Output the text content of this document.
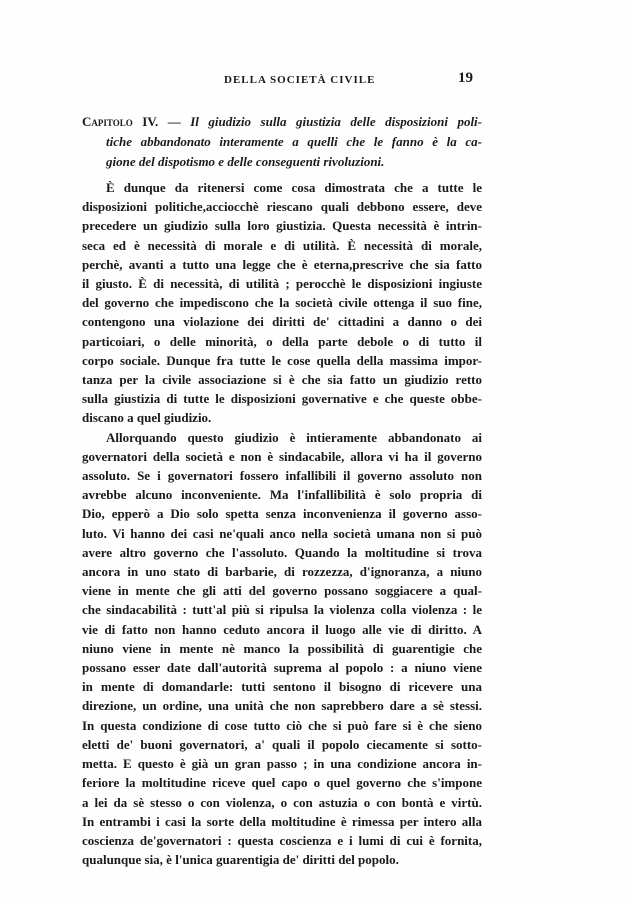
DELLA SOCIETÀ CIVILE	19
Capitolo IV. — Il giudizio sulla giustizia delle disposizioni poli-
tiche abbandonato interamente a quelli che le fanno è la ca-
gione del dispotismo e delle conseguenti rivoluzioni.
È dunque da ritenersi come cosa dimostrata che a tutte le
disposizioni politiche,acciocchè riescano quali debbono essere, deve
precedere un giudizio sulla loro giustizia. Questa necessità è intrin-
seca ed è necessità di morale e di utilità. È necessità di morale,
perchè, avanti a tutto una legge che è eterna,prescrive che sia fatto
il giusto. È di necessità, di utilità ; perocchè le disposizioni ingiuste
del governo che impediscono che la società civile ottenga il suo fine,
contengono una violazione dei diritti de' cittadini a danno o dei
particoiari, o delle minorità, o della parte debole o di tutto il
corpo sociale. Dunque fra tutte le cose quella della massima impor-
tanza per la civile associazione si è che sia fatto un giudizio retto
sulla giustizia di tutte le disposizioni governative e che queste obbe-
discano a quel giudizio.
Allorquando questo giudizio è intieramente abbandonato ai
governatori della società e non è sindacabile, allora vi ha il governo
assoluto. Se i governatori fossero infallibili il governo assoluto non
avrebbe alcuno inconveniente. Ma l'infallibilità è solo propria di
Dio, epperò a Dio solo spetta senza inconvenienza il governo asso-
luto. Vi hanno dei casi ne'quali anco nella società umana non si può
avere altro governo che l'assoluto. Quando la moltitudine si trova
ancora in uno stato di barbarie, di rozzezza, d'ignoranza, a niuno
viene in mente che gli atti del governo possano soggiacere a qual-
che sindacabilità : tutt'al più si ripulsa la violenza colla violenza : le
vie di fatto non hanno ceduto ancora il luogo alle vie di diritto. A
niuno viene in mente nè manco la possibilità di guarentigie che
possano esser date dall'autorità suprema al popolo : a niuno viene
in mente di domandarle: tutti sentono il bisogno di ricevere una
direzione, un ordine, una unità che non saprebbero dare a sè stessi.
In questa condizione di cose tutto ciò che si può fare si è che sieno
eletti de' buoni governatori, a' quali il popolo ciecamente si sotto-
metta. E questo è già un gran passo ; in una condizione ancora in-
feriore la moltitudine riceve quel capo o quel governo che s'impone
a lei da sè stesso o con violenza, o con astuzia o con bontà e virtù.
In entrambi i casi la sorte della moltitudine è rimessa per intero alla
coscienza de'governatori : questa coscienza e i lumi di cui è fornita,
qualunque sia, è l'unica guarentigia de' diritti del popolo.
